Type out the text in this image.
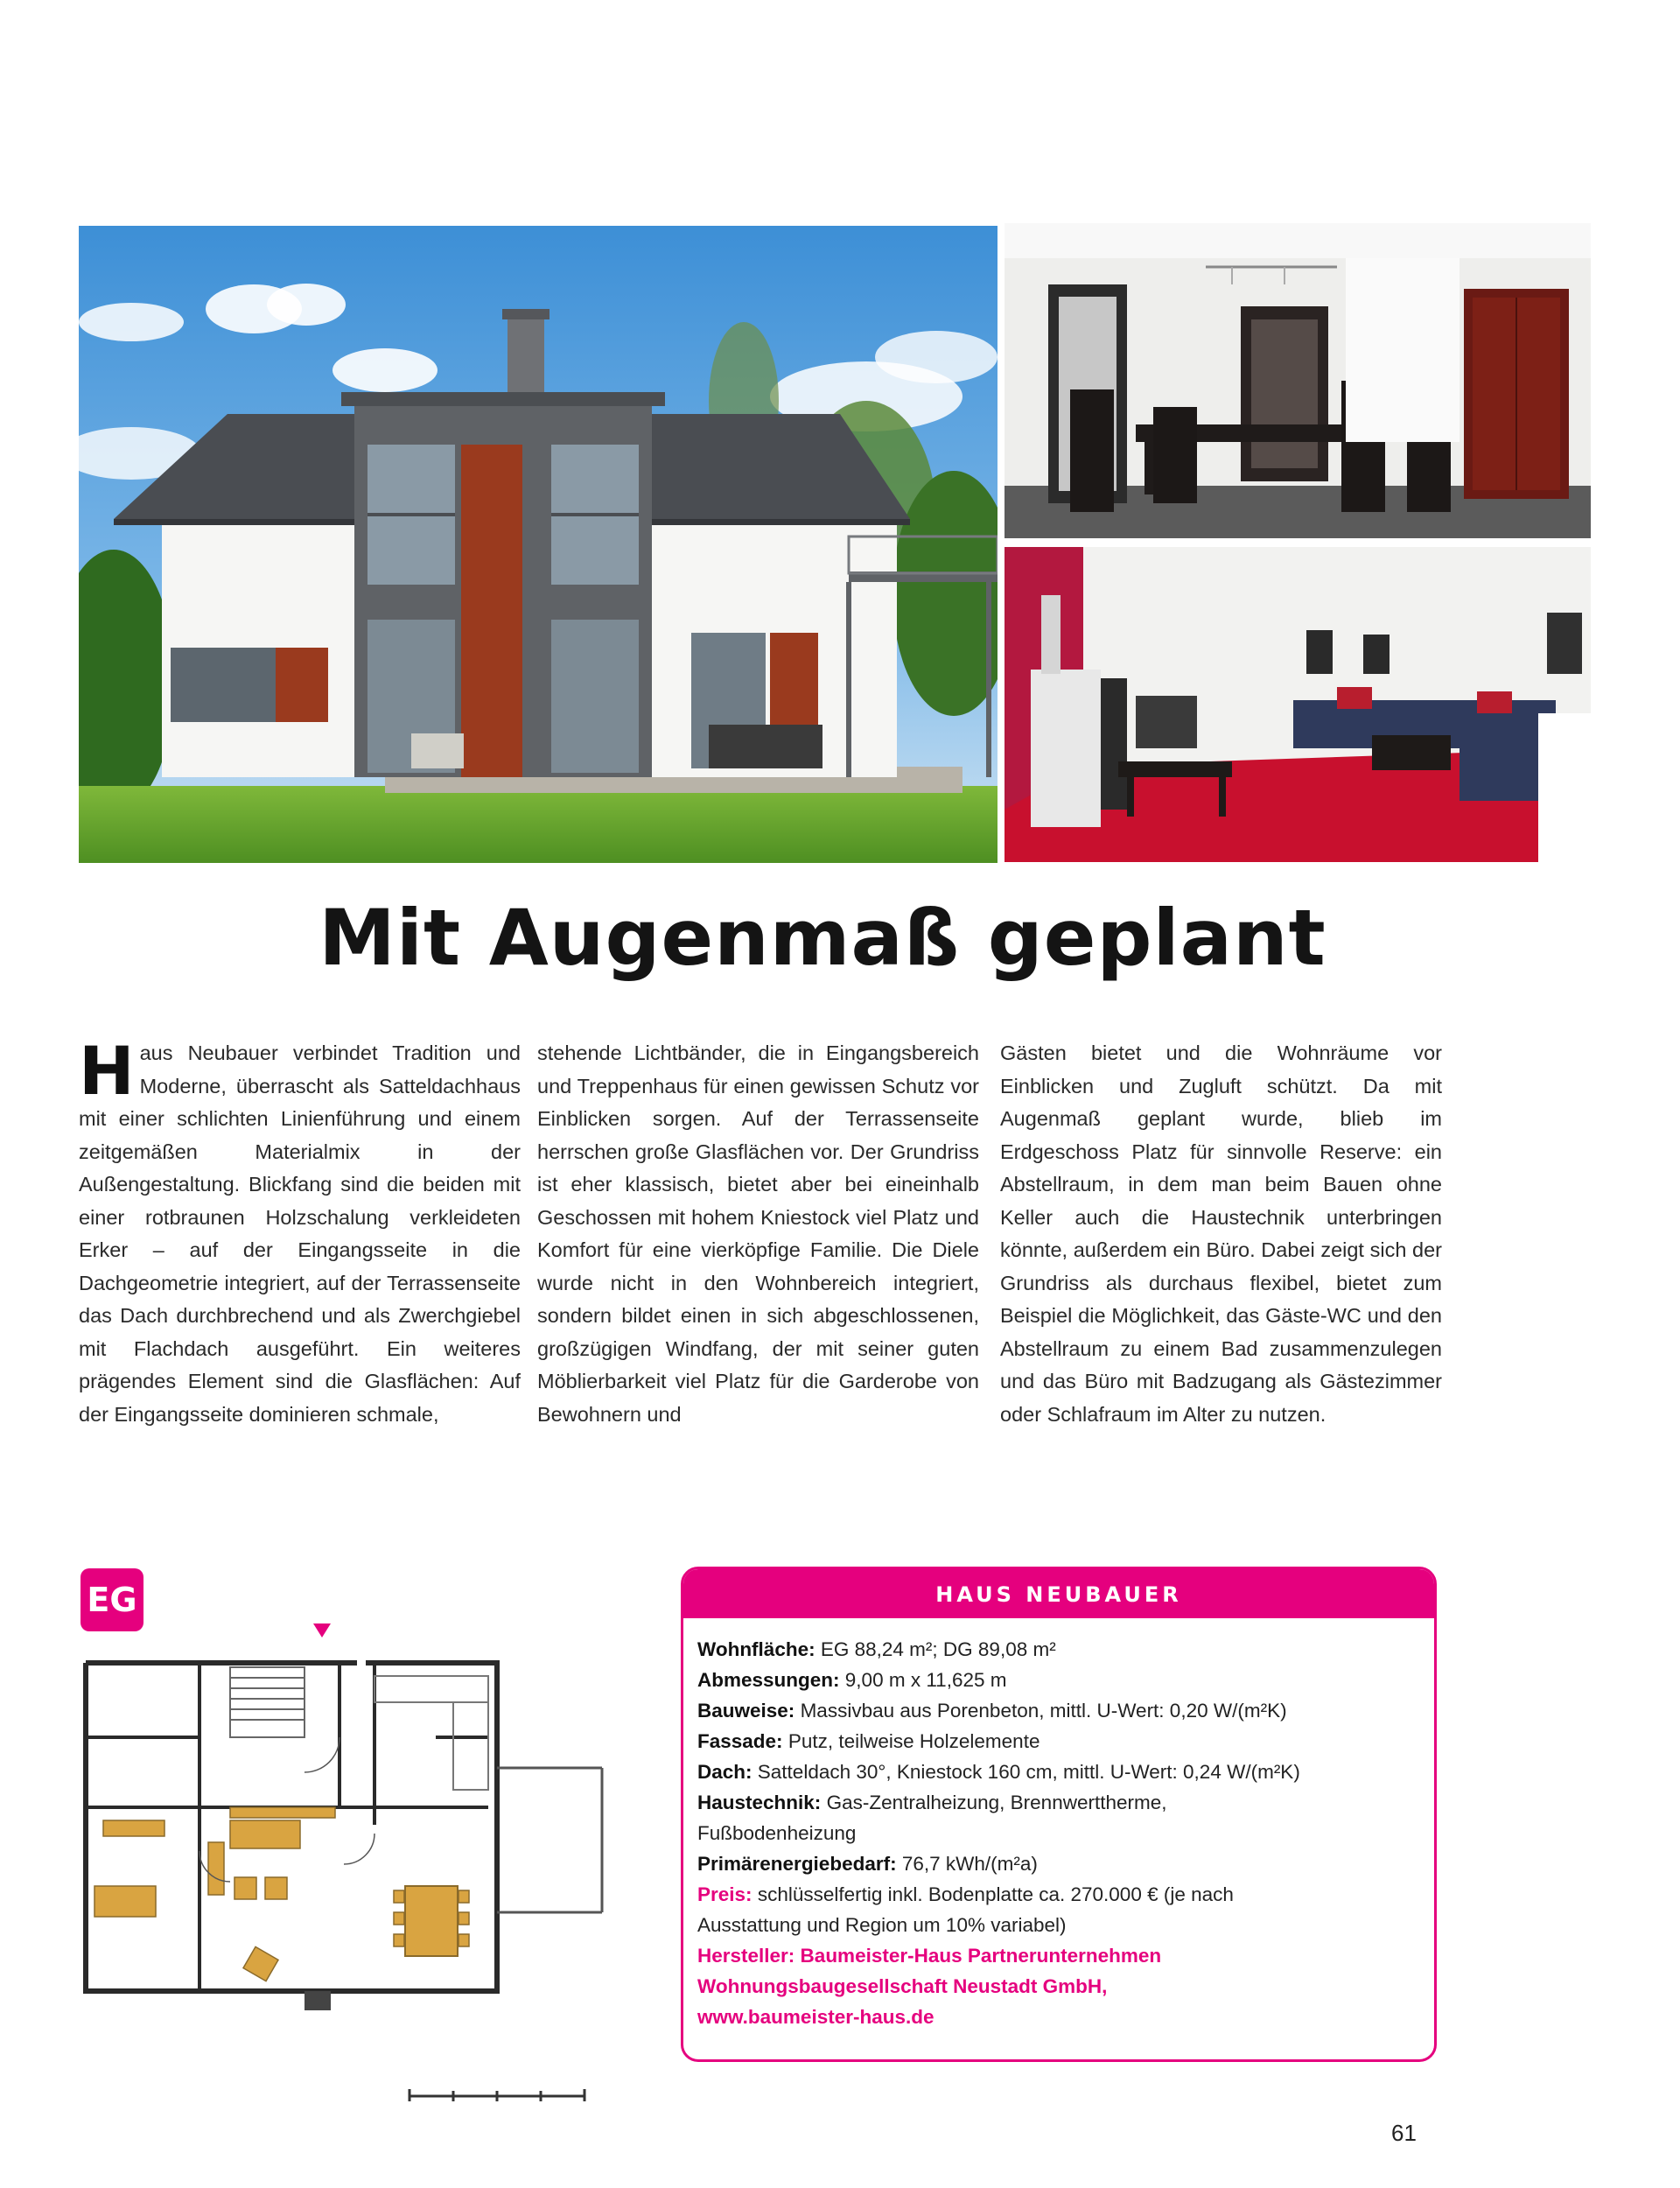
Mit Augenmaß geplant
Haus Neubauer verbindet Tradition und Moderne, überrascht als Satteldachhaus mit einer schlichten Linienführung und einem zeitgemäßen Materialmix in der Außengestaltung. Blickfang sind die beiden mit einer rotbraunen Holzschalung verkleideten Erker – auf der Eingangsseite in die Dachgeometrie integriert, auf der Terrassenseite das Dach durchbrechend und als Zwerchgiebel mit Flachdach ausgeführt. Ein weiteres prägendes Element sind die Glasflächen: Auf der Eingangsseite dominieren schmale,
stehende Lichtbänder, die in Eingangsbereich und Treppenhaus für einen gewissen Schutz vor Einblicken sorgen. Auf der Terrassenseite herrschen große Glasflächen vor. Der Grundriss ist eher klassisch, bietet aber bei eineinhalb Geschossen mit hohem Kniestock viel Platz und Komfort für eine vierköpfige Familie. Die Diele wurde nicht in den Wohnbereich integriert, sondern bildet einen in sich abgeschlossenen, großzügigen Windfang, der mit seiner guten Möblierbarkeit viel Platz für die Garderobe von Bewohnern und
Gästen bietet und die Wohnräume vor Einblicken und Zugluft schützt. Da mit Augenmaß geplant wurde, blieb im Erdgeschoss Platz für sinnvolle Reserve: ein Abstellraum, in dem man beim Bauen ohne Keller auch die Haustechnik unterbringen könnte, außerdem ein Büro. Dabei zeigt sich der Grundriss als durchaus flexibel, bietet zum Beispiel die Möglichkeit, das Gäste-WC und den Abstellraum zu einem Bad zusammenzulegen und das Büro mit Badzugang als Gästezimmer oder Schlafraum im Alter zu nutzen.
EG	HAUS NEUBAUER
Wohnfläche: EG 88,24 m²; DG 89,08 m²
Abmessungen: 9,00 m x 11,625 m
Bauweise: Massivbau aus Porenbeton, mittl. U-Wert: 0,20 W/(m²K)
Fassade: Putz, teilweise Holzelemente
Dach: Satteldach 30°, Kniestock 160 cm, mittl. U-Wert: 0,24 W/(m²K)
Haustechnik: Gas-Zentralheizung, Brennwerttherme, Fußbodenheizung
Primärenergiebedarf: 76,7 kWh/(m²a)
Preis: schlüsselfertig inkl. Bodenplatte ca. 270.000 € (je nach Ausstattung und Region um 10% variabel)
Hersteller: Baumeister-Haus Partnerunternehmen
Wohnungsbaugesellschaft Neustadt GmbH,
www.baumeister-haus.de
61
